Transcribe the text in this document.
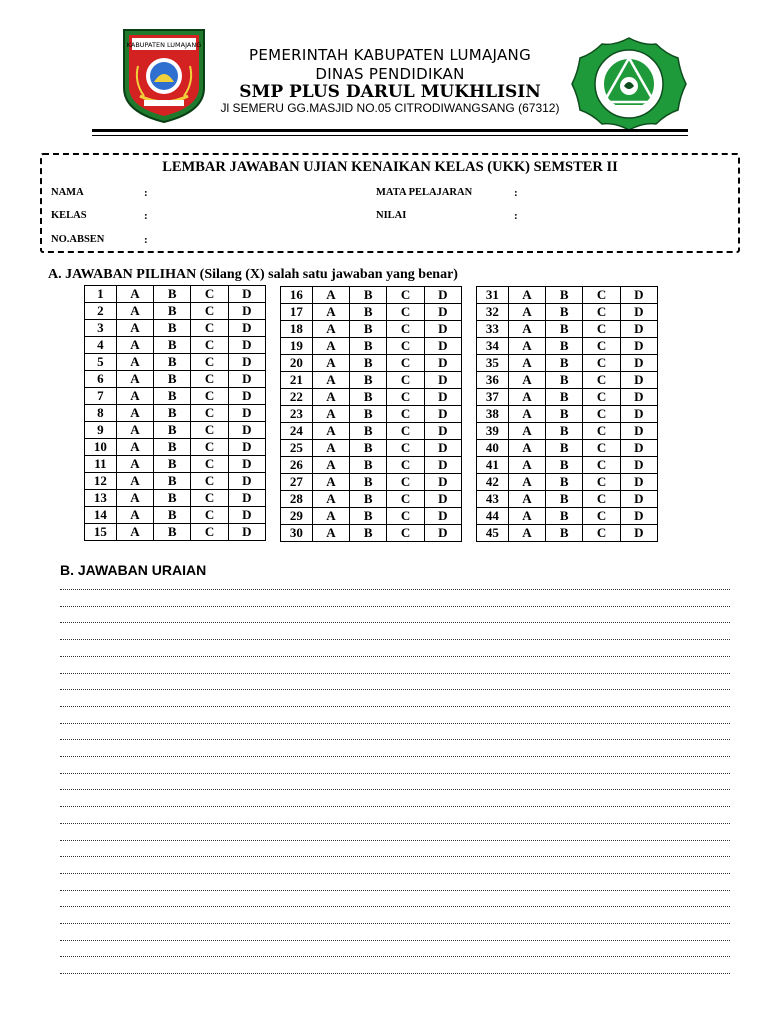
KABUPATEN LUMAJANG
PEMERINTAH KABUPATEN LUMAJANG
DINAS PENDIDIKAN
SMP PLUS DARUL MUKHLISIN
Jl SEMERU GG.MASJID NO.05 CITRODIWANGSANG (67312)
LEMBAR JAWABAN UJIAN KENAIKAN KELAS (UKK) SEMSTER II
NAMA	:
KELAS	:
NO.ABSEN	:
MATA PELAJARAN	:
NILAI	:
A. JAWABAN PILIHAN (Silang (X) salah satu jawaban yang benar)
1	A	B	C	D
2	A	B	C	D
3	A	B	C	D
4	A	B	C	D
5	A	B	C	D
6	A	B	C	D
7	A	B	C	D
8	A	B	C	D
9	A	B	C	D
10	A	B	C	D
11	A	B	C	D
12	A	B	C	D
13	A	B	C	D
14	A	B	C	D
15	A	B	C	D
16	A	B	C	D
17	A	B	C	D
18	A	B	C	D
19	A	B	C	D
20	A	B	C	D
21	A	B	C	D
22	A	B	C	D
23	A	B	C	D
24	A	B	C	D
25	A	B	C	D
26	A	B	C	D
27	A	B	C	D
28	A	B	C	D
29	A	B	C	D
30	A	B	C	D
31	A	B	C	D
32	A	B	C	D
33	A	B	C	D
34	A	B	C	D
35	A	B	C	D
36	A	B	C	D
37	A	B	C	D
38	A	B	C	D
39	A	B	C	D
40	A	B	C	D
41	A	B	C	D
42	A	B	C	D
43	A	B	C	D
44	A	B	C	D
45	A	B	C	D
B. JAWABAN URAIAN
